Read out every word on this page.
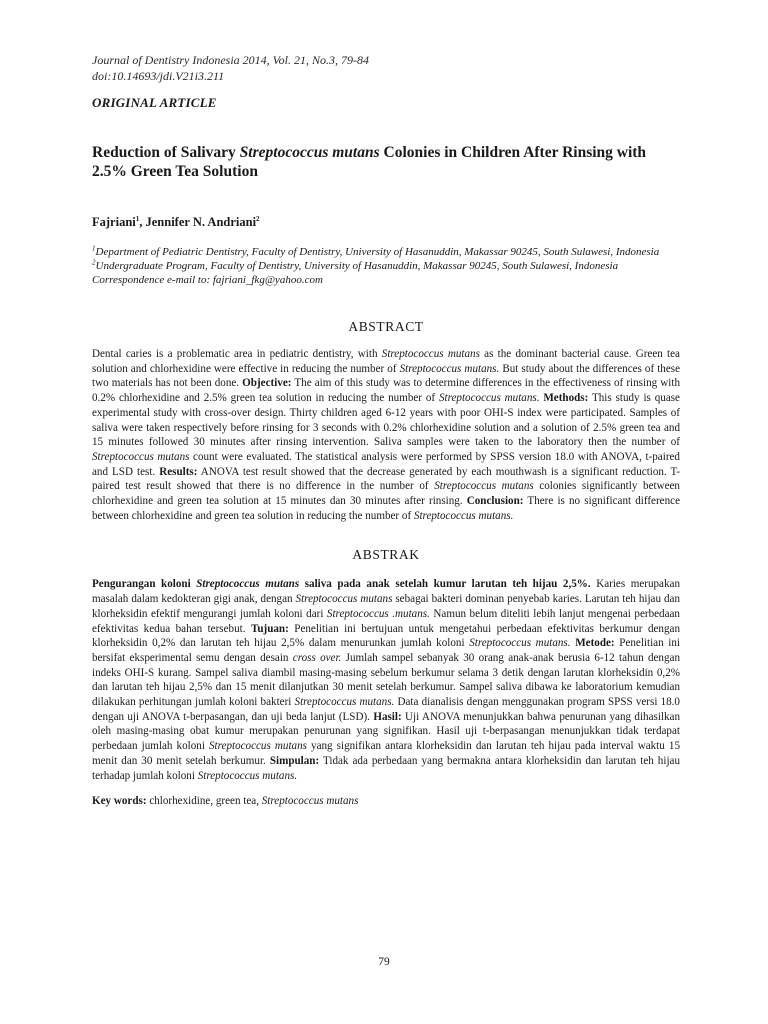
Journal of Dentistry Indonesia 2014, Vol. 21, No.3, 79-84
doi:10.14693/jdi.V21i3.211
ORIGINAL ARTICLE
Reduction of Salivary Streptococcus mutans Colonies in Children After Rinsing with 2.5% Green Tea Solution
Fajriani$^1$, Jennifer N. Andriani$^2$
$^1$Department of Pediatric Dentistry, Faculty of Dentistry, University of Hasanuddin, Makassar 90245, South Sulawesi, Indonesia
$^2$Undergraduate Program, Faculty of Dentistry, University of Hasanuddin, Makassar 90245, South Sulawesi, Indonesia
Correspondence e-mail to: fajriani_fkg@yahoo.com
ABSTRACT
Dental caries is a problematic area in pediatric dentistry, with Streptococcus mutans as the dominant bacterial cause. Green tea solution and chlorhexidine were effective in reducing the number of Streptococcus mutans. But study about the differences of these two materials has not been done. Objective: The aim of this study was to determine differences in the effectiveness of rinsing with 0.2% chlorhexidine and 2.5% green tea solution in reducing the number of Streptococcus mutans. Methods: This study is quase experimental study with cross-over design. Thirty children aged 6-12 years with poor OHI-S index were participated. Samples of saliva were taken respectively before rinsing for 3 seconds with 0.2% chlorhexidine solution and a solution of 2.5% green tea and 15 minutes followed 30 minutes after rinsing intervention. Saliva samples were taken to the laboratory then the number of Streptococcus mutans count were evaluated. The statistical analysis were performed by SPSS version 18.0 with ANOVA, t-paired and LSD test. Results: ANOVA test result showed that the decrease generated by each mouthwash is a significant reduction. T-paired test result showed that there is no difference in the number of Streptococcus mutans colonies significantly between chlorhexidine and green tea solution at 15 minutes dan 30 minutes after rinsing. Conclusion: There is no significant difference between chlorhexidine and green tea solution in reducing the number of Streptococcus mutans.
ABSTRAK
Pengurangan koloni Streptococcus mutans saliva pada anak setelah kumur larutan teh hijau 2,5%. Karies merupakan masalah dalam kedokteran gigi anak, dengan Streptococcus mutans sebagai bakteri dominan penyebab karies. Larutan teh hijau dan klorheksidin efektif mengurangi jumlah koloni dari Streptococcus .mutans. Namun belum diteliti lebih lanjut mengenai perbedaan efektivitas kedua bahan tersebut. Tujuan: Penelitian ini bertujuan untuk mengetahui perbedaan efektivitas berkumur dengan klorheksidin 0,2% dan larutan teh hijau 2,5% dalam menurunkan jumlah koloni Streptococcus mutans. Metode: Penelitian ini bersifat eksperimental semu dengan desain cross over. Jumlah sampel sebanyak 30 orang anak-anak berusia 6-12 tahun dengan indeks OHI-S kurang. Sampel saliva diambil masing-masing sebelum berkumur selama 3 detik dengan larutan klorheksidin 0,2% dan larutan teh hijau 2,5% dan 15 menit dilanjutkan 30 menit setelah berkumur. Sampel saliva dibawa ke laboratorium kemudian dilakukan perhitungan jumlah koloni bakteri Streptococcus mutans. Data dianalisis dengan menggunakan program SPSS versi 18.0 dengan uji ANOVA t-berpasangan, dan uji beda lanjut (LSD). Hasil: Uji ANOVA menunjukkan bahwa penurunan yang dihasilkan oleh masing-masing obat kumur merupakan penurunan yang signifikan. Hasil uji t-berpasangan menunjukkan tidak terdapat perbedaan jumlah koloni Streptococcus mutans yang signifikan antara klorheksidin dan larutan teh hijau pada interval waktu 15 menit dan 30 menit setelah berkumur. Simpulan: Tidak ada perbedaan yang bermakna antara klorheksidin dan larutan teh hijau terhadap jumlah koloni Streptococcus mutans.
Key words: chlorhexidine, green tea, Streptococcus mutans
79
